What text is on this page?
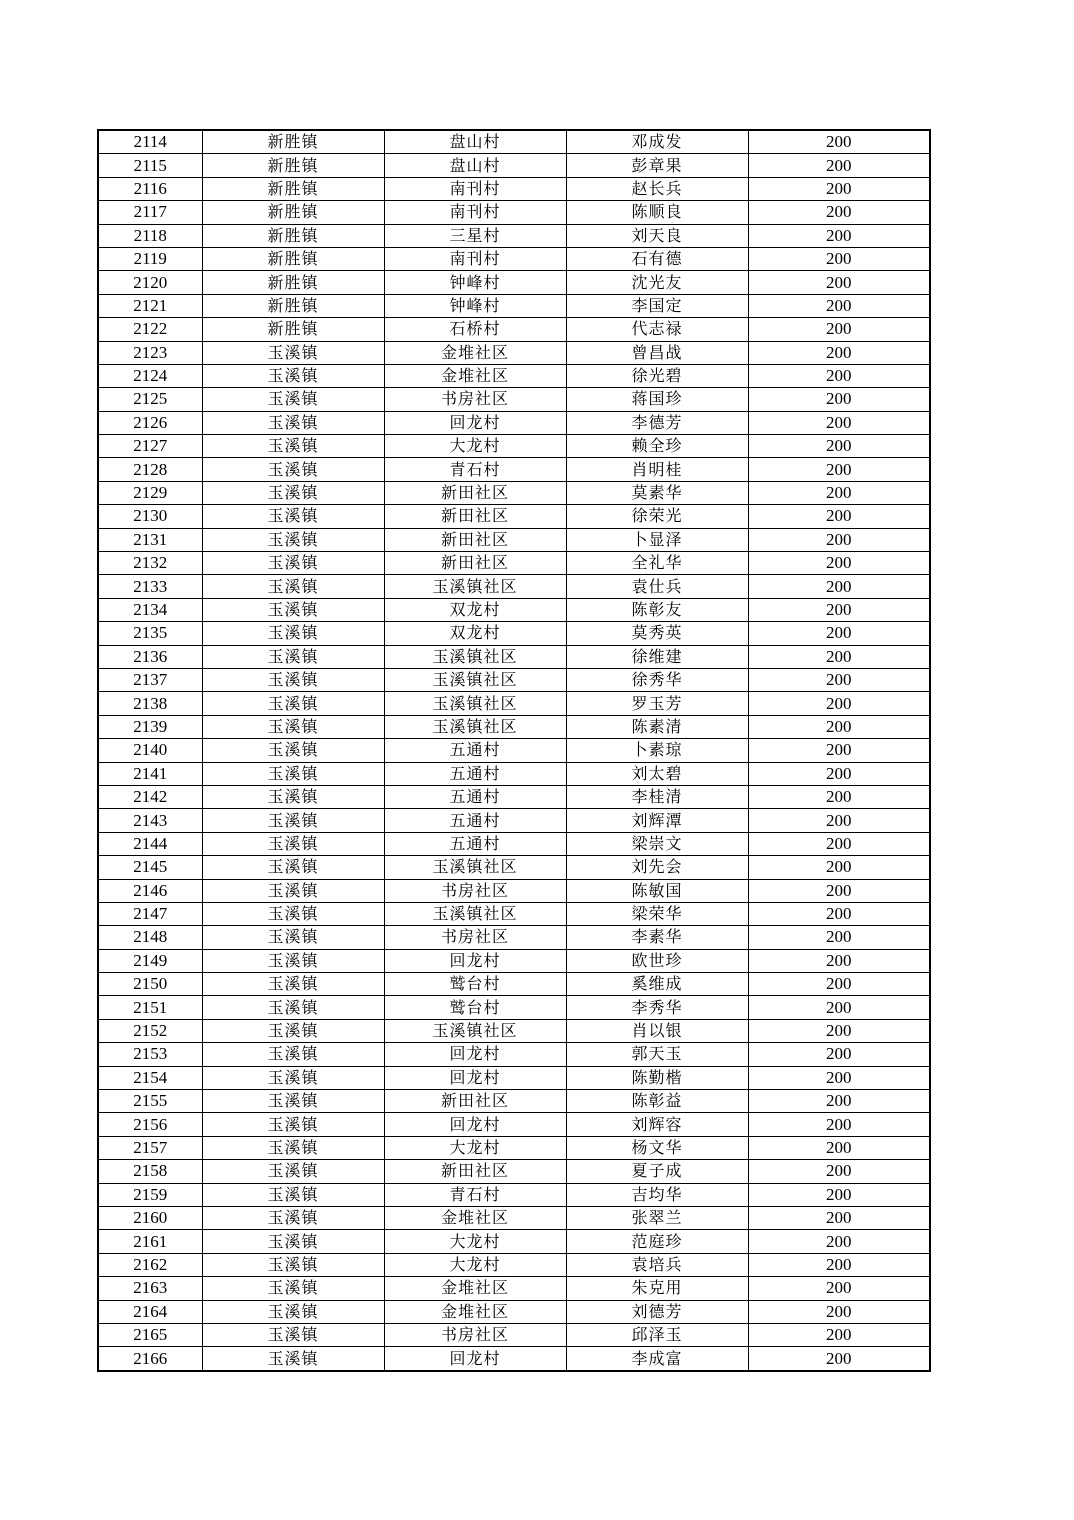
2114	新胜镇	盘山村	邓成发	200
2115	新胜镇	盘山村	彭章果	200
2116	新胜镇	南刊村	赵长兵	200
2117	新胜镇	南刊村	陈顺良	200
2118	新胜镇	三星村	刘天良	200
2119	新胜镇	南刊村	石有德	200
2120	新胜镇	钟峰村	沈光友	200
2121	新胜镇	钟峰村	李国定	200
2122	新胜镇	石桥村	代志禄	200
2123	玉溪镇	金堆社区	曾昌战	200
2124	玉溪镇	金堆社区	徐光碧	200
2125	玉溪镇	书房社区	蒋国珍	200
2126	玉溪镇	回龙村	李德芳	200
2127	玉溪镇	大龙村	赖全珍	200
2128	玉溪镇	青石村	肖明桂	200
2129	玉溪镇	新田社区	莫素华	200
2130	玉溪镇	新田社区	徐荣光	200
2131	玉溪镇	新田社区	卜显泽	200
2132	玉溪镇	新田社区	全礼华	200
2133	玉溪镇	玉溪镇社区	袁仕兵	200
2134	玉溪镇	双龙村	陈彰友	200
2135	玉溪镇	双龙村	莫秀英	200
2136	玉溪镇	玉溪镇社区	徐维建	200
2137	玉溪镇	玉溪镇社区	徐秀华	200
2138	玉溪镇	玉溪镇社区	罗玉芳	200
2139	玉溪镇	玉溪镇社区	陈素清	200
2140	玉溪镇	五通村	卜素琼	200
2141	玉溪镇	五通村	刘太碧	200
2142	玉溪镇	五通村	李桂清	200
2143	玉溪镇	五通村	刘辉潭	200
2144	玉溪镇	五通村	梁崇文	200
2145	玉溪镇	玉溪镇社区	刘先会	200
2146	玉溪镇	书房社区	陈敏国	200
2147	玉溪镇	玉溪镇社区	梁荣华	200
2148	玉溪镇	书房社区	李素华	200
2149	玉溪镇	回龙村	欧世珍	200
2150	玉溪镇	鹫台村	奚维成	200
2151	玉溪镇	鹫台村	李秀华	200
2152	玉溪镇	玉溪镇社区	肖以银	200
2153	玉溪镇	回龙村	郭天玉	200
2154	玉溪镇	回龙村	陈勤楷	200
2155	玉溪镇	新田社区	陈彰益	200
2156	玉溪镇	回龙村	刘辉容	200
2157	玉溪镇	大龙村	杨文华	200
2158	玉溪镇	新田社区	夏子成	200
2159	玉溪镇	青石村	吉均华	200
2160	玉溪镇	金堆社区	张翠兰	200
2161	玉溪镇	大龙村	范庭珍	200
2162	玉溪镇	大龙村	袁培兵	200
2163	玉溪镇	金堆社区	朱克用	200
2164	玉溪镇	金堆社区	刘德芳	200
2165	玉溪镇	书房社区	邱泽玉	200
2166	玉溪镇	回龙村	李成富	200
